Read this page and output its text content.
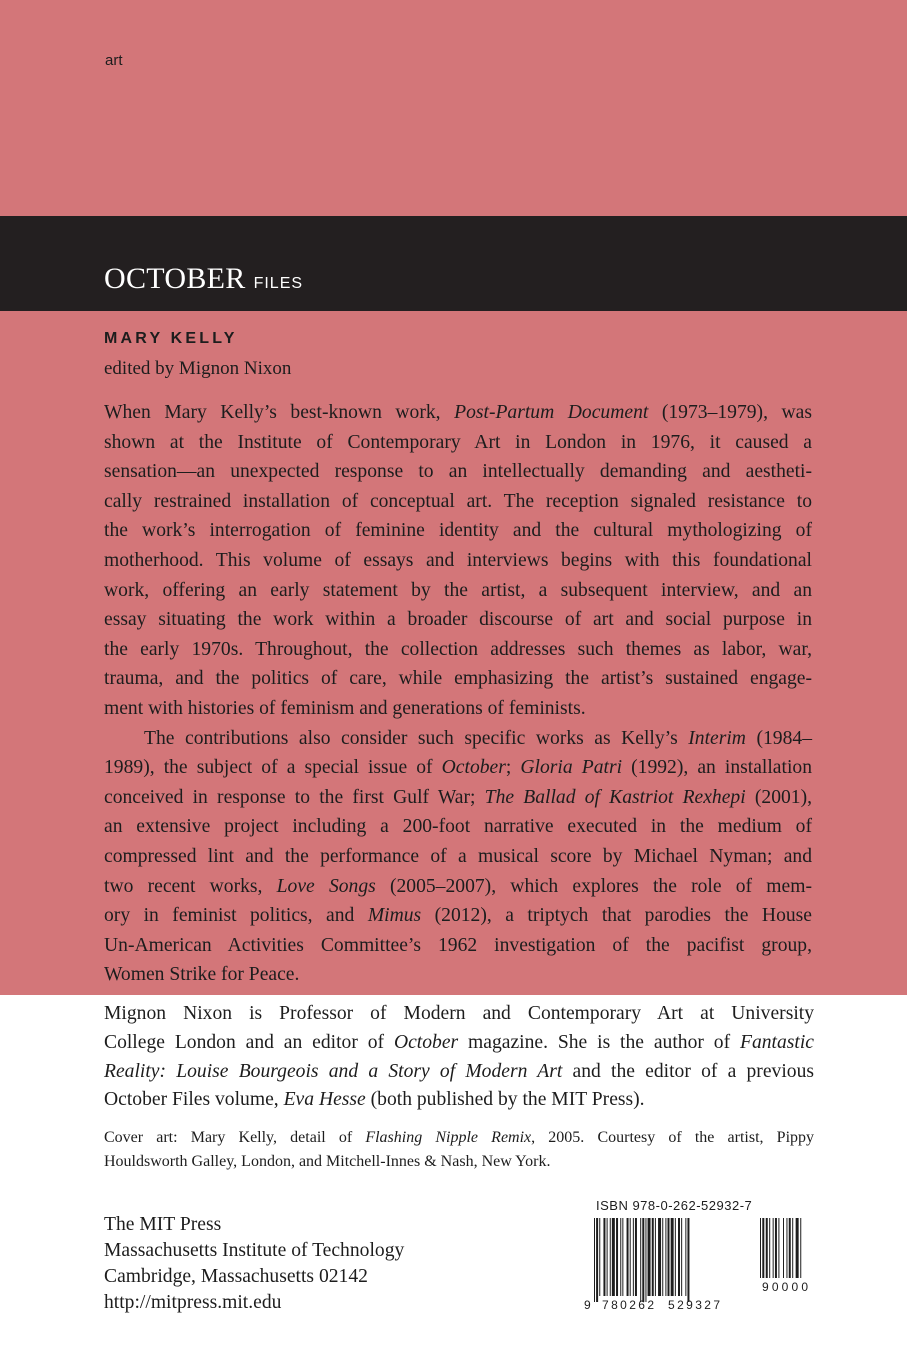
art
OCTOBER FILES
MARY KELLY
edited by Mignon Nixon
When Mary Kelly’s best-known work, Post-Partum Document (1973–1979), was
shown at the Institute of Contemporary Art in London in 1976, it caused a
sensation—an unexpected response to an intellectually demanding and aestheti-
cally restrained installation of conceptual art. The reception signaled resistance to
the work’s interrogation of feminine identity and the cultural mythologizing of
motherhood. This volume of essays and interviews begins with this foundational
work, offering an early statement by the artist, a subsequent interview, and an
essay situating the work within a broader discourse of art and social purpose in
the early 1970s. Throughout, the collection addresses such themes as labor, war,
trauma, and the politics of care, while emphasizing the artist’s sustained engage-
ment with histories of feminism and generations of feminists.
The contributions also consider such specific works as Kelly’s Interim (1984–
1989), the subject of a special issue of October; Gloria Patri (1992), an installation
conceived in response to the first Gulf War; The Ballad of Kastriot Rexhepi (2001),
an extensive project including a 200-foot narrative executed in the medium of
compressed lint and the performance of a musical score by Michael Nyman; and
two recent works, Love Songs (2005–2007), which explores the role of mem-
ory in feminist politics, and Mimus (2012), a triptych that parodies the House
Un-American Activities Committee’s 1962 investigation of the pacifist group,
Women Strike for Peace.
Mignon Nixon is Professor of Modern and Contemporary Art at University
College London and an editor of October magazine. She is the author of Fantastic
Reality: Louise Bourgeois and a Story of Modern Art and the editor of a previous
October Files volume, Eva Hesse (both published by the MIT Press).
Cover art: Mary Kelly, detail of Flashing Nipple Remix, 2005. Courtesy of the artist, Pippy
Houldsworth Galley, London, and Mitchell-Innes & Nash, New York.
The MIT Press
Massachusetts Institute of Technology
Cambridge, Massachusetts 02142
http://mitpress.mit.edu
ISBN 978-0-262-52932-7
9 780262 529327
90000
